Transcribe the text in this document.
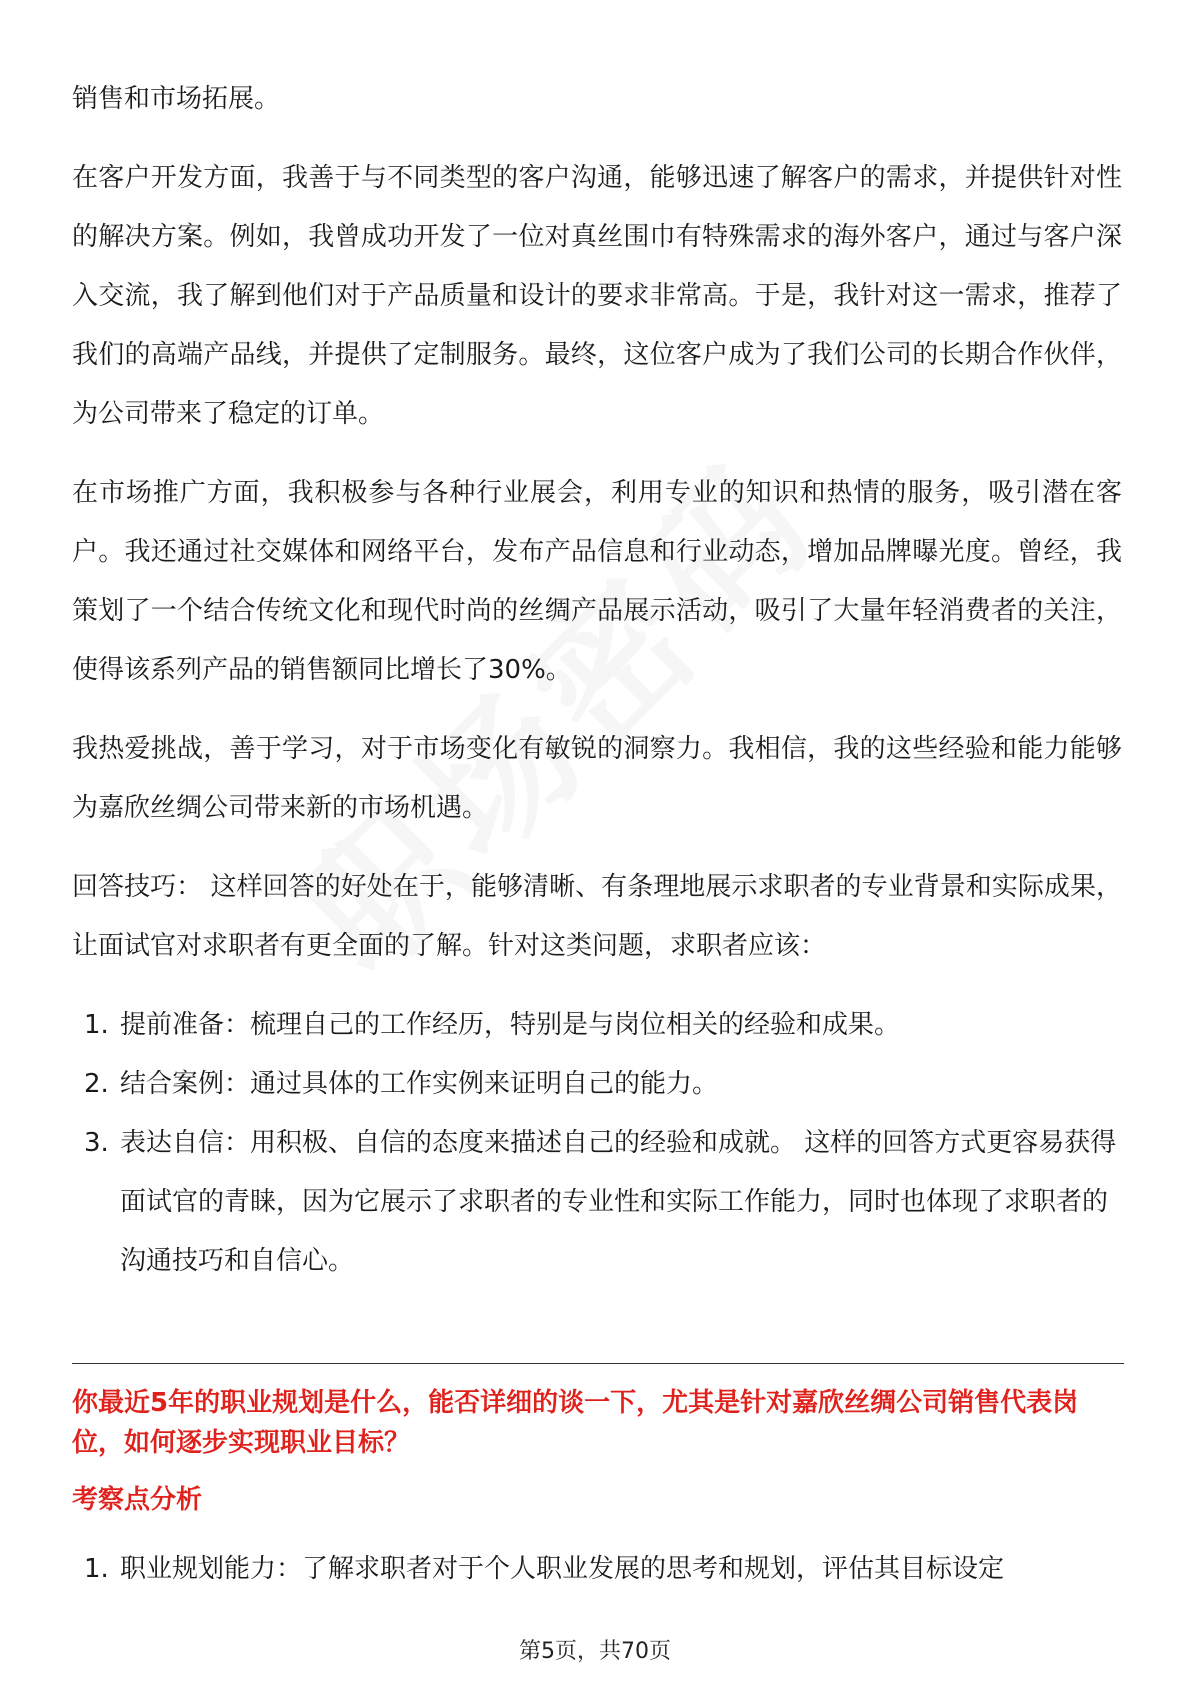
销售和市场拓展。

在客户开发方面，我善于与不同类型的客户沟通，能够迅速了解客户的需求，并提供针对性的解决方案。例如，我曾成功开发了一位对真丝围巾有特殊需求的海外客户，通过与客户深入交流，我了解到他们对于产品质量和设计的要求非常高。于是，我针对这一需求，推荐了我们的高端产品线，并提供了定制服务。最终，这位客户成为了我们公司的长期合作伙伴，为公司带来了稳定的订单。

在市场推广方面，我积极参与各种行业展会，利用专业的知识和热情的服务，吸引潜在客户。我还通过社交媒体和网络平台，发布产品信息和行业动态，增加品牌曝光度。曾经，我策划了一个结合传统文化和现代时尚的丝绸产品展示活动，吸引了大量年轻消费者的关注，使得该系列产品的销售额同比增长了30%。

我热爱挑战，善于学习，对于市场变化有敏锐的洞察力。我相信，我的这些经验和能力能够为嘉欣丝绸公司带来新的市场机遇。

回答技巧： 这样回答的好处在于，能够清晰、有条理地展示求职者的专业背景和实际成果，让面试官对求职者有更全面的了解。针对这类问题，求职者应该：

1. 提前准备：梳理自己的工作经历，特别是与岗位相关的经验和成果。
2. 结合案例：通过具体的工作实例来证明自己的能力。
3. 表达自信：用积极、自信的态度来描述自己的经验和成就。 这样的回答方式更容易获得面试官的青睐，因为它展示了求职者的专业性和实际工作能力，同时也体现了求职者的沟通技巧和自信心。
你最近5年的职业规划是什么，能否详细的谈一下，尤其是针对嘉欣丝绸公司销售代表岗位，如何逐步实现职业目标？
考察点分析
1. 职业规划能力：了解求职者对于个人职业发展的思考和规划，评估其目标设定
第5页，共70页
